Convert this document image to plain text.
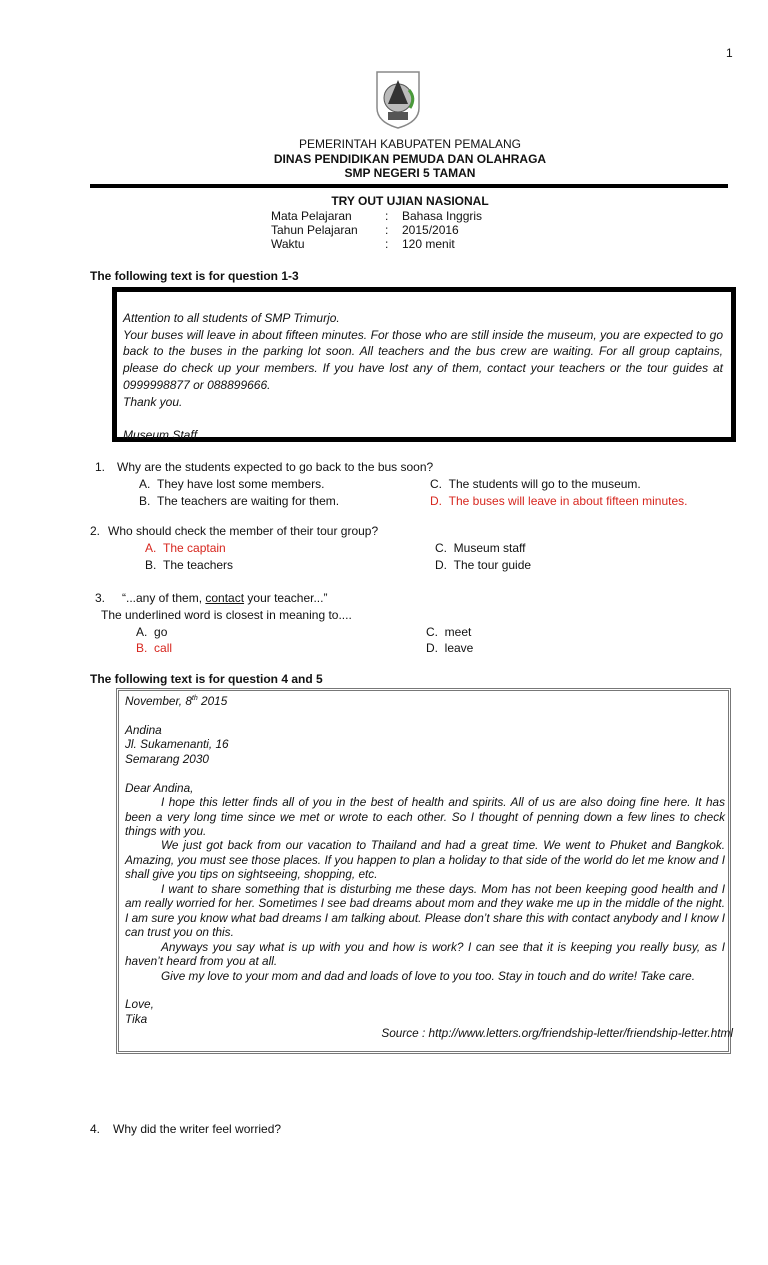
1
PEMERINTAH KABUPATEN PEMALANG
DINAS PENDIDIKAN PEMUDA DAN OLAHRAGA
SMP NEGERI 5 TAMAN
TRY OUT UJIAN NASIONAL
Mata Pelajaran	: Bahasa Inggris
Tahun Pelajaran : 2015/2016
Waktu	: 120 menit
The following text is for question 1-3
Attention to all students of SMP Trimurjo.
Your buses will leave in about fifteen minutes. For those who are still inside the museum, you are expected to go back to the buses in the parking lot soon. All teachers and the bus crew are waiting. For all group captains, please do check up your members. If you have lost any of them, contact your teachers or the tour guides at 0999998877 or 088899666.
Thank you.
Museum Staff
1. Why are the students expected to go back to the bus soon?
A. They have lost some members.
B. The teachers are waiting for them.
C. The students will go to the museum.
D. The buses will leave in about fifteen minutes.
2. Who should check the member of their tour group?
A. The captain
B. The teachers
C. Museum staff
D. The tour guide
3. “...any of them, contact your teacher...”
The underlined word is closest in meaning to....
A. go
B. call
C. meet
D. leave
The following text is for question 4 and 5
November, 8th 2015
Andina
Jl. Sukamenanti, 16
Semarang 2030
Dear Andina,
I hope this letter finds all of you in the best of health and spirits. All of us are also doing fine here. It has been a very long time since we met or wrote to each other. So I thought of penning down a few lines to check things with you.
We just got back from our vacation to Thailand and had a great time. We went to Phuket and Bangkok. Amazing, you must see those places. If you happen to plan a holiday to that side of the world do let me know and I shall give you tips on sightseeing, shopping, etc.
I want to share something that is disturbing me these days. Mom has not been keeping good health and I am really worried for her. Sometimes I see bad dreams about mom and they wake me up in the middle of the night. I am sure you know what bad dreams I am talking about. Please don’t share this with contact anybody and I know I can trust you on this.
Anyways you say what is up with you and how is work? I can see that it is keeping you really busy, as I haven’t heard from you at all.
Give my love to your mom and dad and loads of love to you too. Stay in touch and do write! Take care.
Love,
Tika
Source : http://www.letters.org/friendship-letter/friendship-letter.html
4. Why did the writer feel worried?
